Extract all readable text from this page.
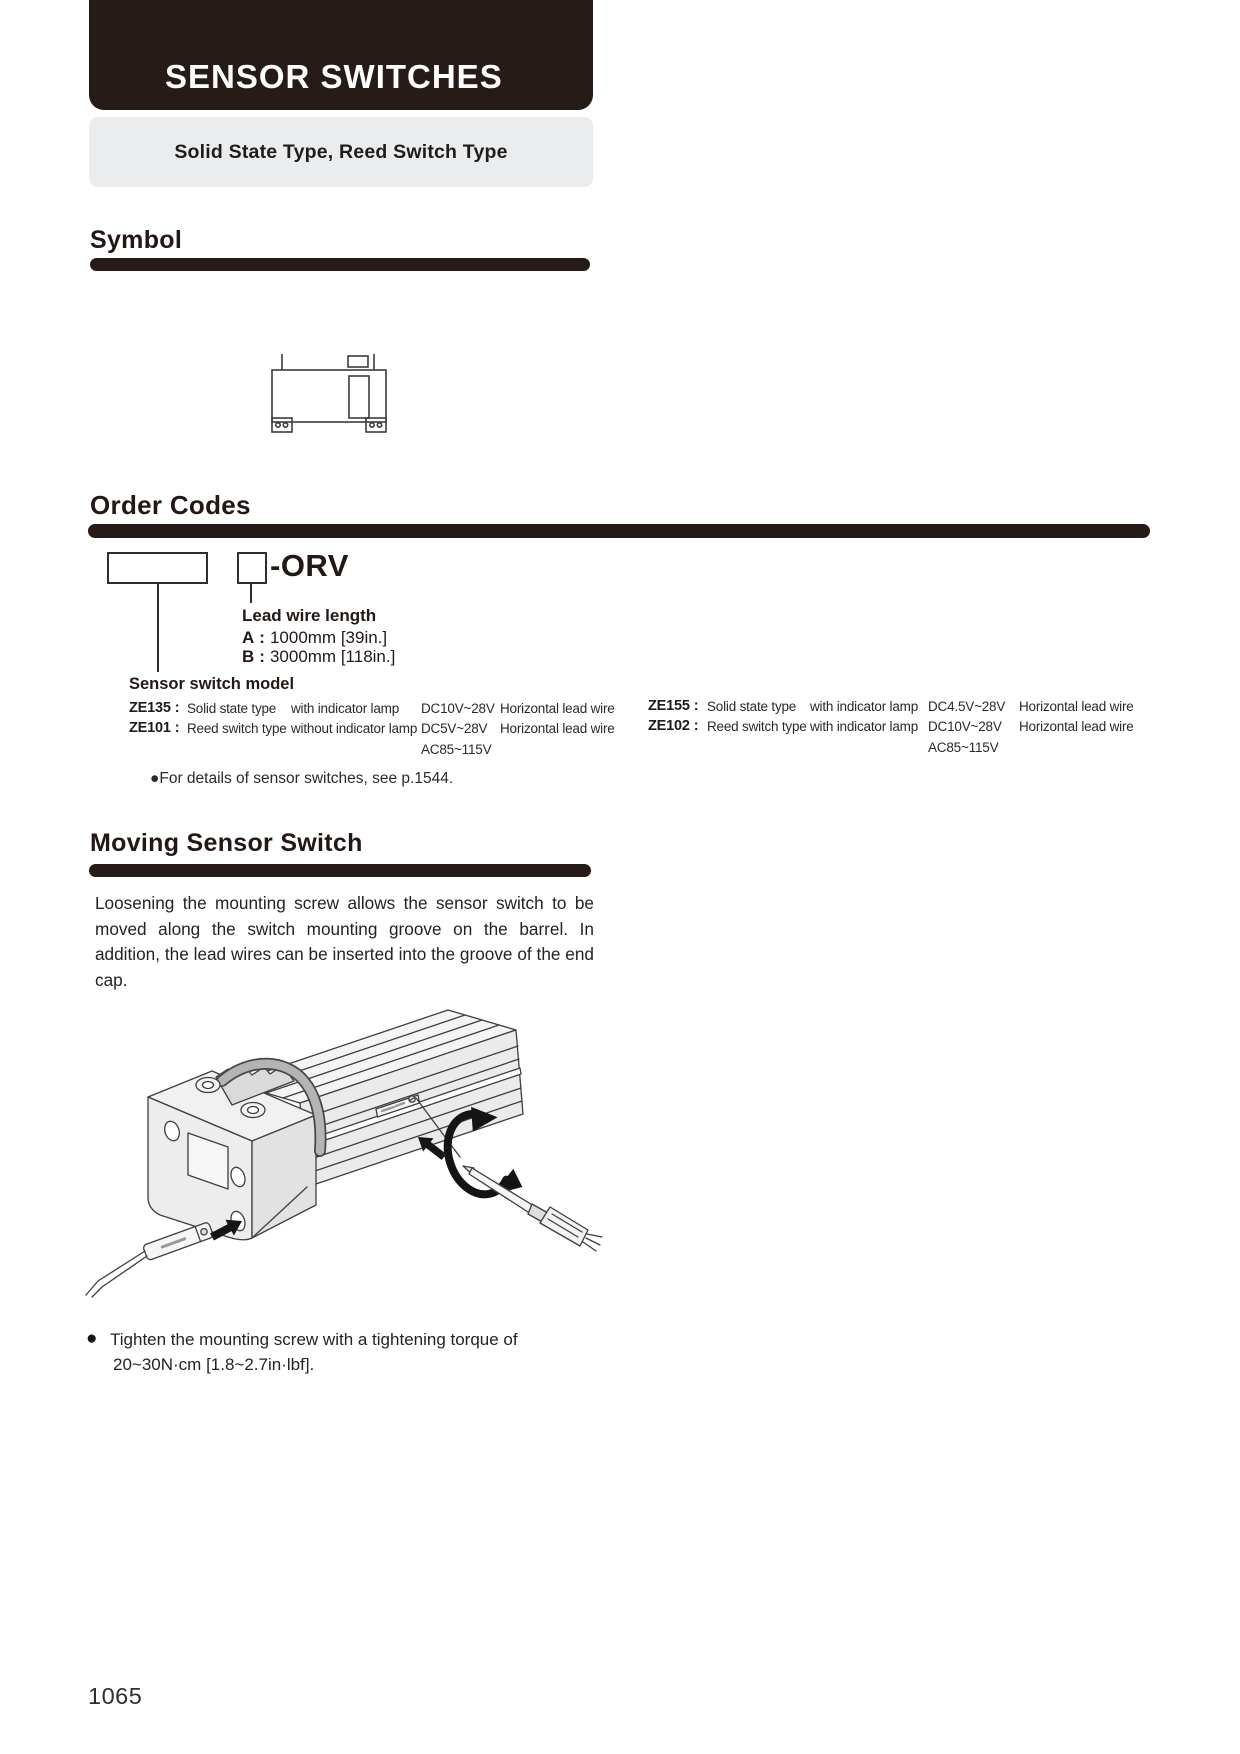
SENSOR SWITCHES
Solid State Type, Reed Switch Type
Symbol
Order Codes
-ORV
Lead wire length
A : 1000mm [39in.]
B : 3000mm [118in.]
Sensor switch model
ZE135 : Solid state type with indicator lamp DC10V~28V Horizontal lead wire
ZE101 : Reed switch type without indicator lamp DC5V~28V Horizontal lead wire
AC85~115V
ZE155 : Solid state type with indicator lamp DC4.5V~28V Horizontal lead wire
ZE102 : Reed switch type with indicator lamp DC10V~28V Horizontal lead wire
AC85~115V
●For details of sensor switches, see p.1544.
Moving Sensor Switch
Loosening the mounting screw allows the sensor switch to be moved along the switch mounting groove on the barrel. In addition, the lead wires can be inserted into the groove of the end cap.
● Tighten the mounting screw with a tightening torque of
20~30N·cm [1.8~2.7in·lbf].
1065
